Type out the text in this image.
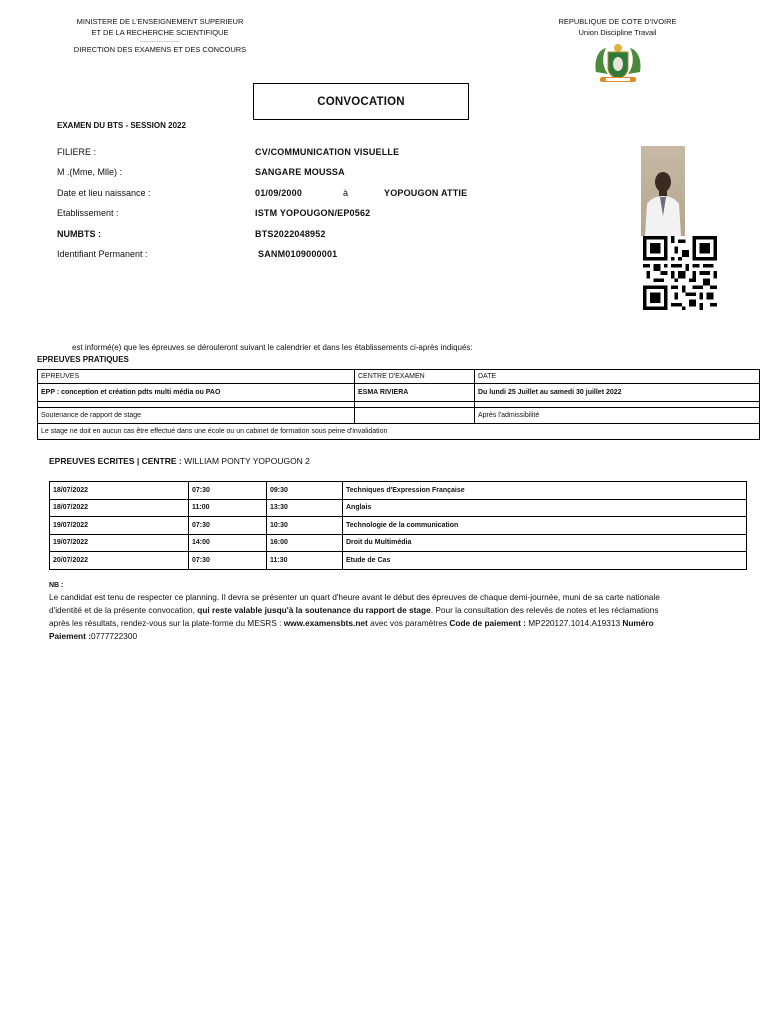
MINISTERE DE L'ENSEIGNEMENT SUPERIEUR
ET DE LA RECHERCHE SCIENTIFIQUE
……………………
DIRECTION DES EXAMENS ET DES CONCOURS
REPUBLIQUE DE COTE D'IVOIRE
Union Discipline Travail
CONVOCATION
EXAMEN DU BTS - SESSION 2022
FILIERE :	CV/COMMUNICATION VISUELLE
M .(Mme, Mlle) :	SANGARE MOUSSA
Date et lieu naissance :	01/09/2000	à	YOPOUGON ATTIE
Etablissement :	ISTM YOPOUGON/EP0562
NUMBTS :	BTS2022048952
Identifiant Permanent :	SANM0109000001
est informé(e) que les épreuves se dérouleront suivant le calendrier et dans les établissements ci-après indiqués:
EPREUVES PRATIQUES
EPREUVES	CENTRE D'EXAMEN	DATE
EPP : conception et création pdts multi média ou PAO	ESMA RIVIERA	Du lundi 25 Juillet au samedi 30 juillet 2022

Soutenance de rapport de stage		Après l'admissibilité
Le stage ne doit en aucun cas être effectué dans une école ou un cabinet de formation sous peine d'invalidation		
EPREUVES ECRITES | CENTRE : WILLIAM PONTY YOPOUGON 2
18/07/2022	07:30	09:30	Techniques d'Expression Française
18/07/2022	11:00	13:30	Anglais
19/07/2022	07:30	10:30	Technologie de la communication
19/07/2022	14:00	16:00	Droit du Multimédia
20/07/2022	07:30	11:30	Etude de Cas
NB :
Le candidat est tenu de respecter ce planning. Il devra se présenter un quart d'heure avant le début des épreuves de chaque demi-journée, muni de sa carte nationale d'identité et de la présente convocation, qui reste valable jusqu'à la soutenance du rapport de stage. Pour la consultation des relevés de notes et les réclamations après les résultats, rendez-vous sur la plate-forme du MESRS : www.examensbts.net avec vos paramètres Code de paiement : MP220127.1014.A19313 Numéro Paiement :0777722300
